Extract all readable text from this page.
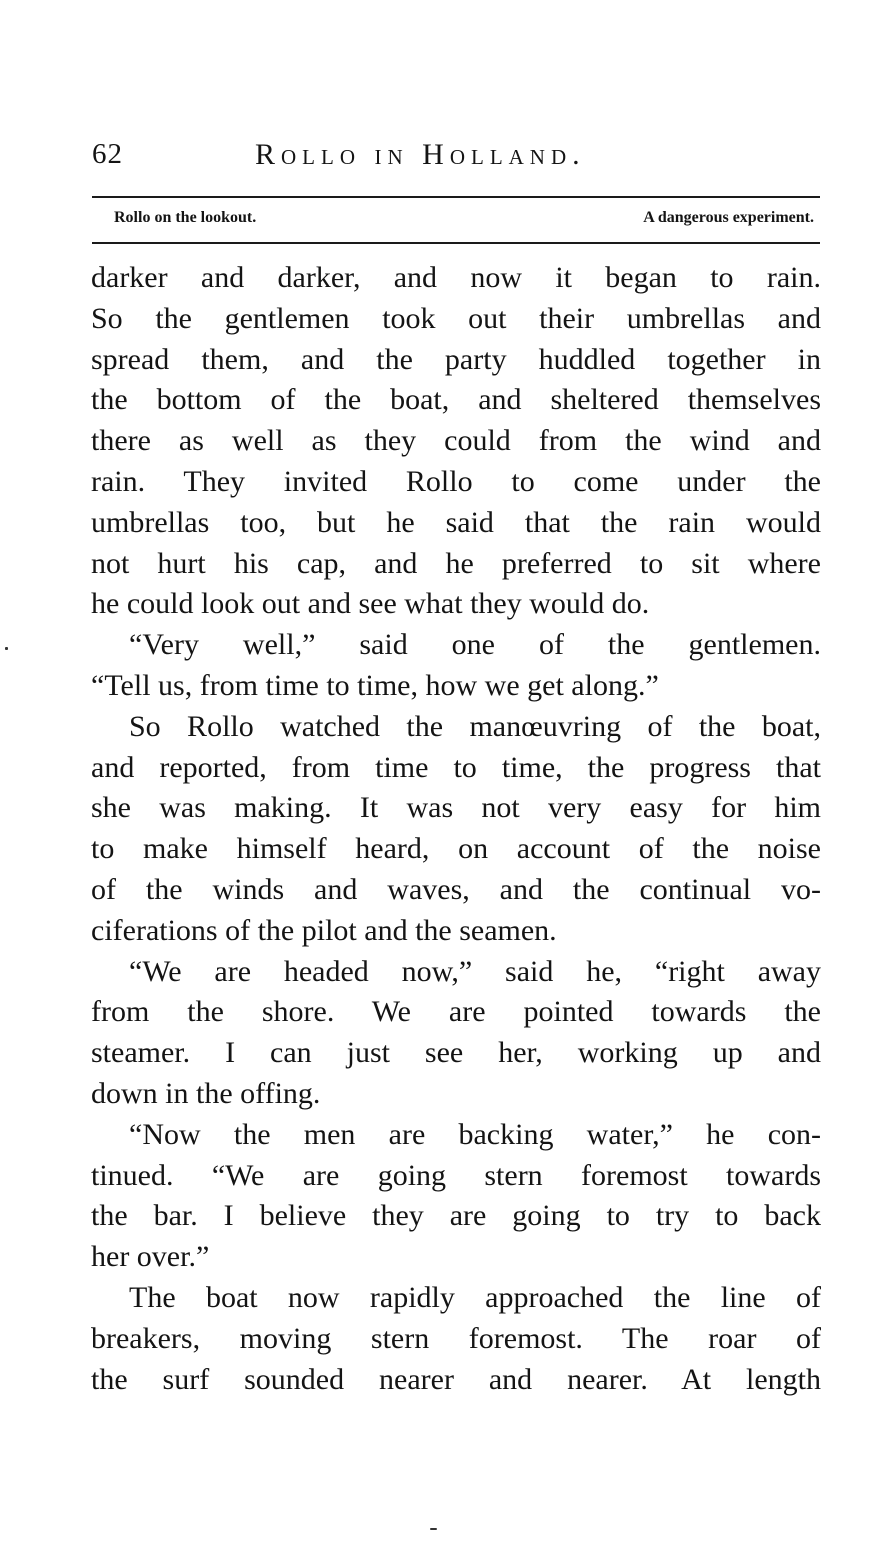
62	Rollo in Holland.
Rollo on the lookout.	A dangerous experiment.
darker and darker, and now it began to rain.
So the gentlemen took out their umbrellas and
spread them, and the party huddled together in
the bottom of the boat, and sheltered themselves
there as well as they could from the wind and
rain. They invited Rollo to come under the
umbrellas too, but he said that the rain would
not hurt his cap, and he preferred to sit where
he could look out and see what they would do.
“Very well,” said one of the gentlemen.
“Tell us, from time to time, how we get along.”
So Rollo watched the manœuvring of the boat,
and reported, from time to time, the progress that
she was making. It was not very easy for him
to make himself heard, on account of the noise
of the winds and waves, and the continual vo-
ciferations of the pilot and the seamen.
“We are headed now,” said he, “right away
from the shore. We are pointed towards the
steamer. I can just see her, working up and
down in the offing.
“Now the men are backing water,” he con-
tinued. “We are going stern foremost towards
the bar. I believe they are going to try to back
her over.”
The boat now rapidly approached the line of
breakers, moving stern foremost. The roar of
the surf sounded nearer and nearer. At length
